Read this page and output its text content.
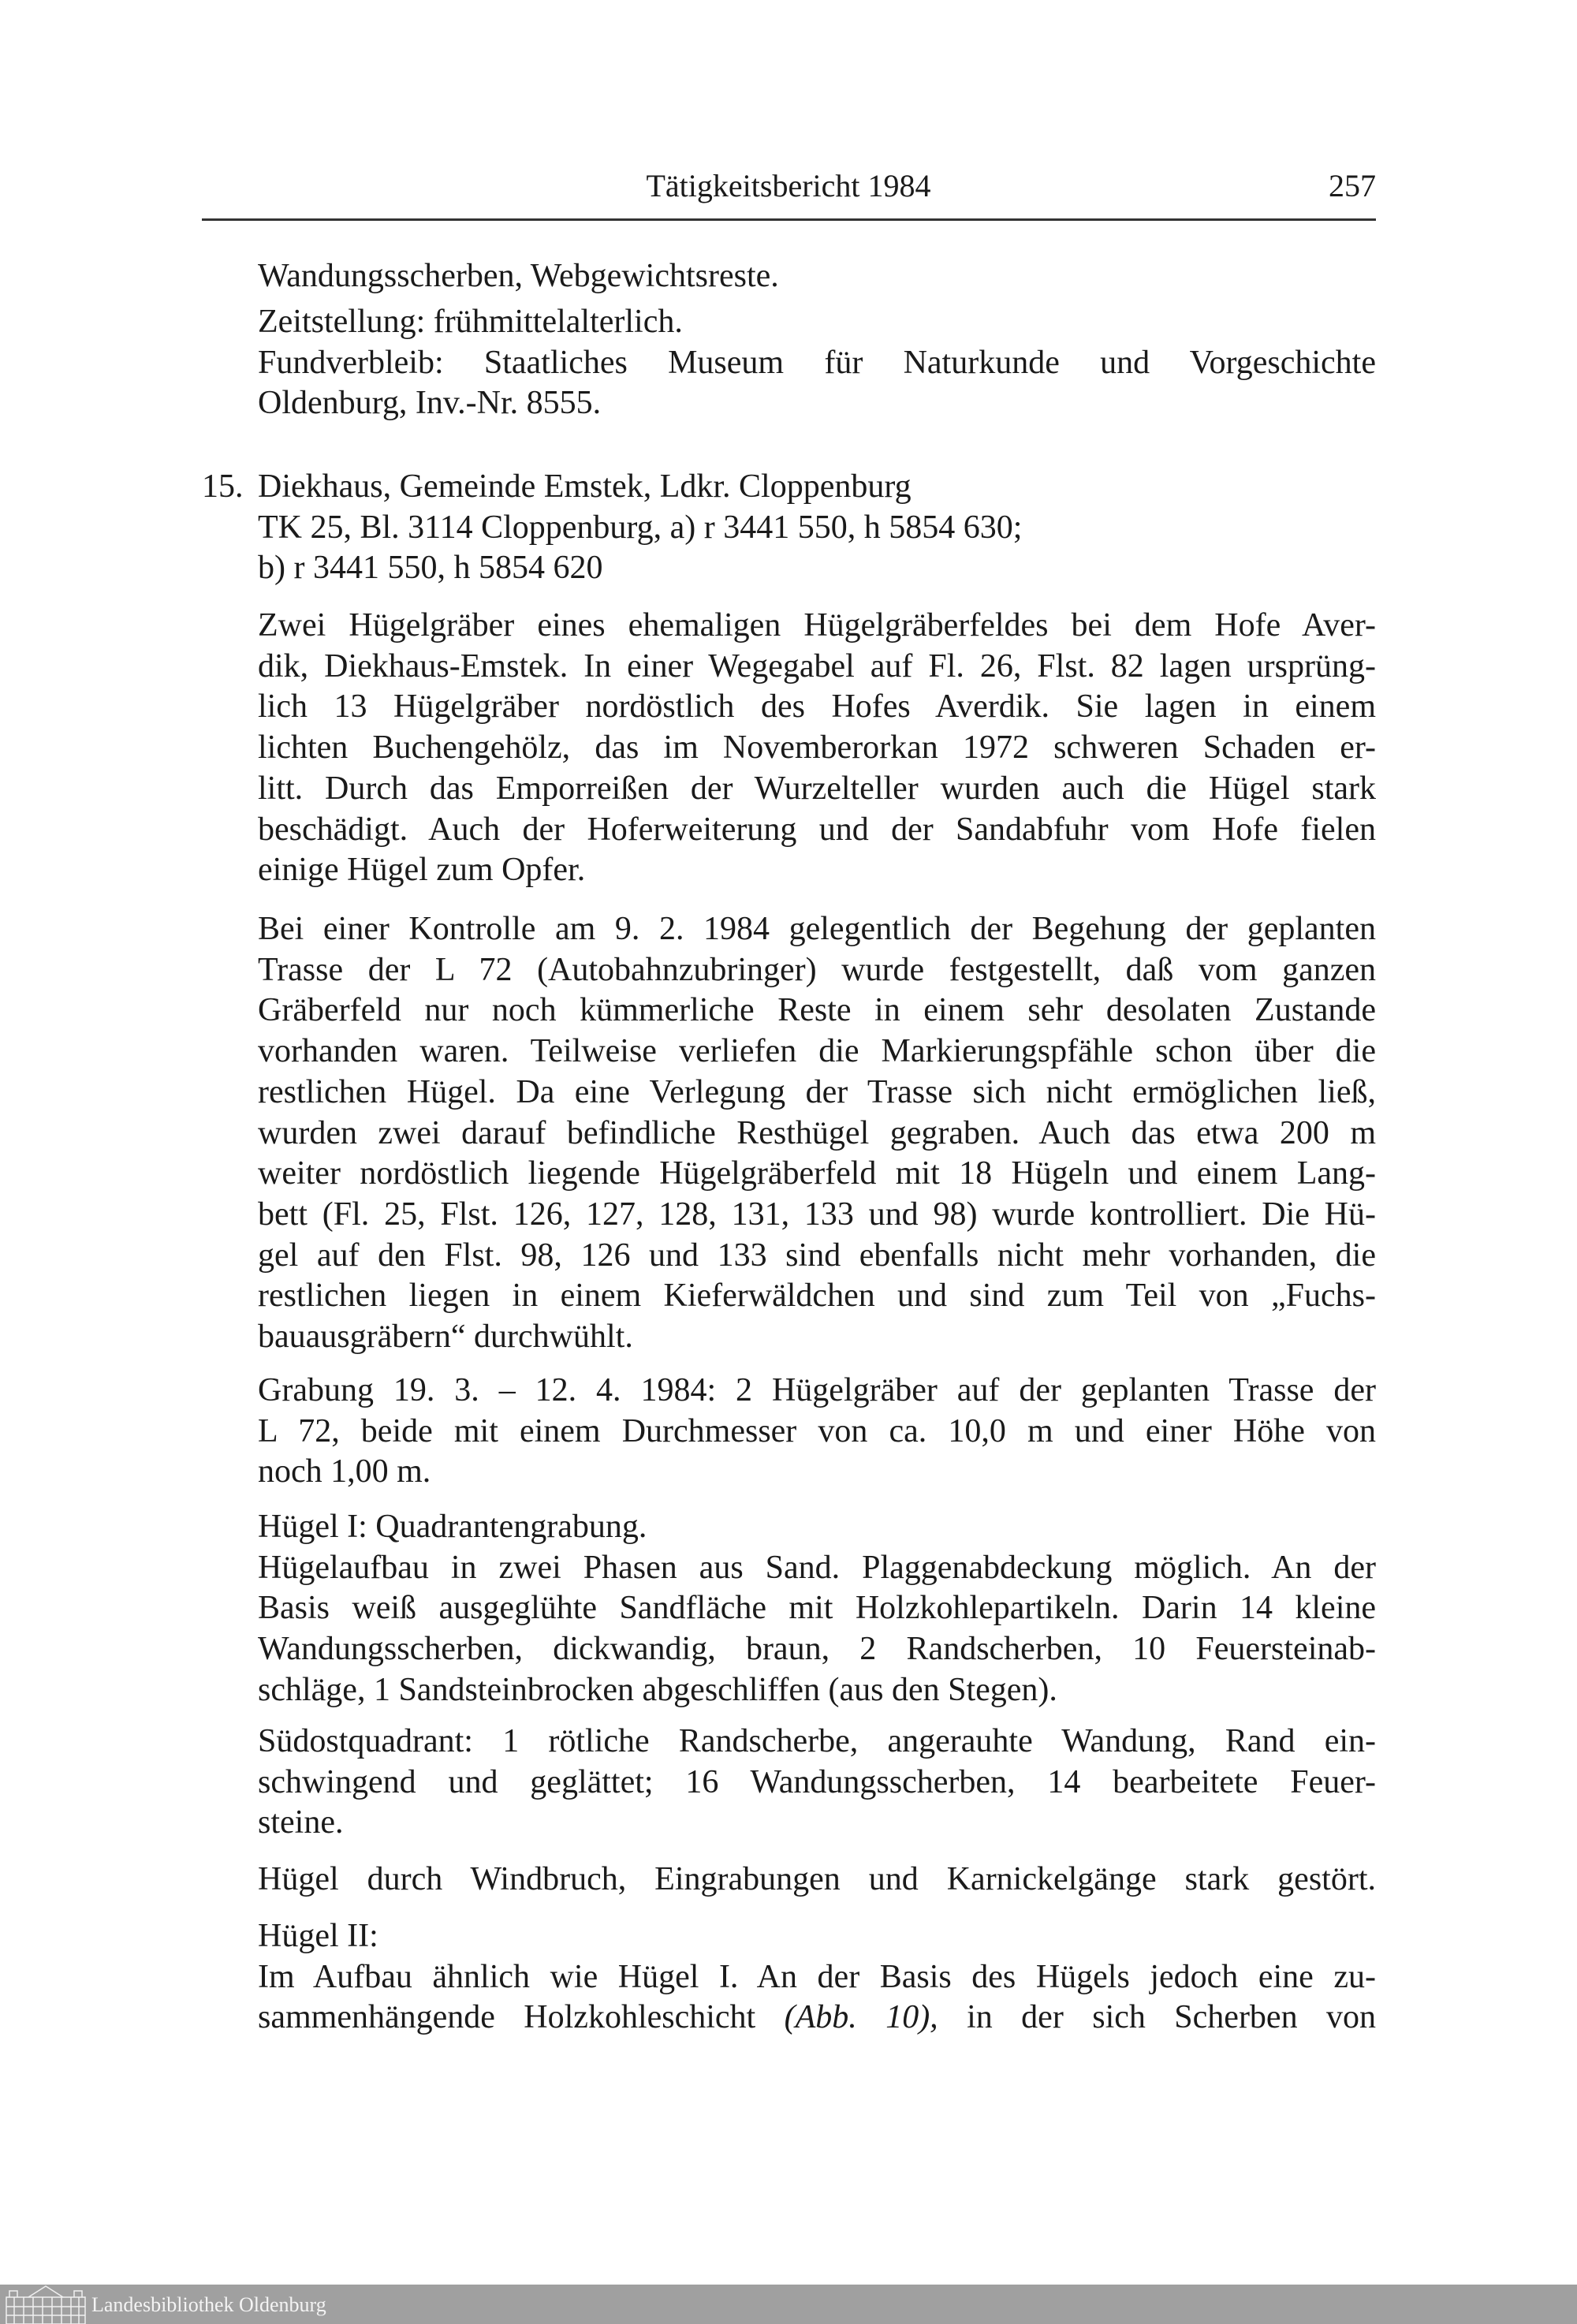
Tätigkeitsbericht 1984	257
Wandungsscherben, Webgewichtsreste.
Zeitstellung: frühmittelalterlich.
Fundverbleib: Staatliches Museum für Naturkunde und Vorgeschichte
Oldenburg, Inv.-Nr. 8555.
15. Diekhaus, Gemeinde Emstek, Ldkr. Cloppenburg
TK 25, Bl. 3114 Cloppenburg, a) r 3441 550, h 5854 630;
b) r 3441 550, h 5854 620
Zwei Hügelgräber eines ehemaligen Hügelgräberfeldes bei dem Hofe Aver-
dik, Diekhaus-Emstek. In einer Wegegabel auf Fl. 26, Flst. 82 lagen ursprüng-
lich 13 Hügelgräber nordöstlich des Hofes Averdik. Sie lagen in einem
lichten Buchengehölz, das im Novemberorkan 1972 schweren Schaden er-
litt. Durch das Emporreißen der Wurzelteller wurden auch die Hügel stark
beschädigt. Auch der Hoferweiterung und der Sandabfuhr vom Hofe fielen
einige Hügel zum Opfer.
Bei einer Kontrolle am 9. 2. 1984 gelegentlich der Begehung der geplanten
Trasse der L 72 (Autobahnzubringer) wurde festgestellt, daß vom ganzen
Gräberfeld nur noch kümmerliche Reste in einem sehr desolaten Zustande
vorhanden waren. Teilweise verliefen die Markierungspfähle schon über die
restlichen Hügel. Da eine Verlegung der Trasse sich nicht ermöglichen ließ,
wurden zwei darauf befindliche Resthügel gegraben. Auch das etwa 200 m
weiter nordöstlich liegende Hügelgräberfeld mit 18 Hügeln und einem Lang-
bett (Fl. 25, Flst. 126, 127, 128, 131, 133 und 98) wurde kontrolliert. Die Hü-
gel auf den Flst. 98, 126 und 133 sind ebenfalls nicht mehr vorhanden, die
restlichen liegen in einem Kieferwäldchen und sind zum Teil von „Fuchs-
bauausgräbern“ durchwühlt.
Grabung 19. 3. – 12. 4. 1984: 2 Hügelgräber auf der geplanten Trasse der
L 72, beide mit einem Durchmesser von ca. 10,0 m und einer Höhe von
noch 1,00 m.
Hügel I: Quadrantengrabung.
Hügelaufbau in zwei Phasen aus Sand. Plaggenabdeckung möglich. An der
Basis weiß ausgeglühte Sandfläche mit Holzkohlepartikeln. Darin 14 kleine
Wandungsscherben, dickwandig, braun, 2 Randscherben, 10 Feuersteinab-
schläge, 1 Sandsteinbrocken abgeschliffen (aus den Stegen).
Südostquadrant: 1 rötliche Randscherbe, angerauhte Wandung, Rand ein-
schwingend und geglättet; 16 Wandungsscherben, 14 bearbeitete Feuer-
steine.
Hügel durch Windbruch, Eingrabungen und Karnickelgänge stark gestört.
Hügel II:
Im Aufbau ähnlich wie Hügel I. An der Basis des Hügels jedoch eine zu-
sammenhängende Holzkohleschicht (Abb. 10), in der sich Scherben von
Landesbibliothek Oldenburg
